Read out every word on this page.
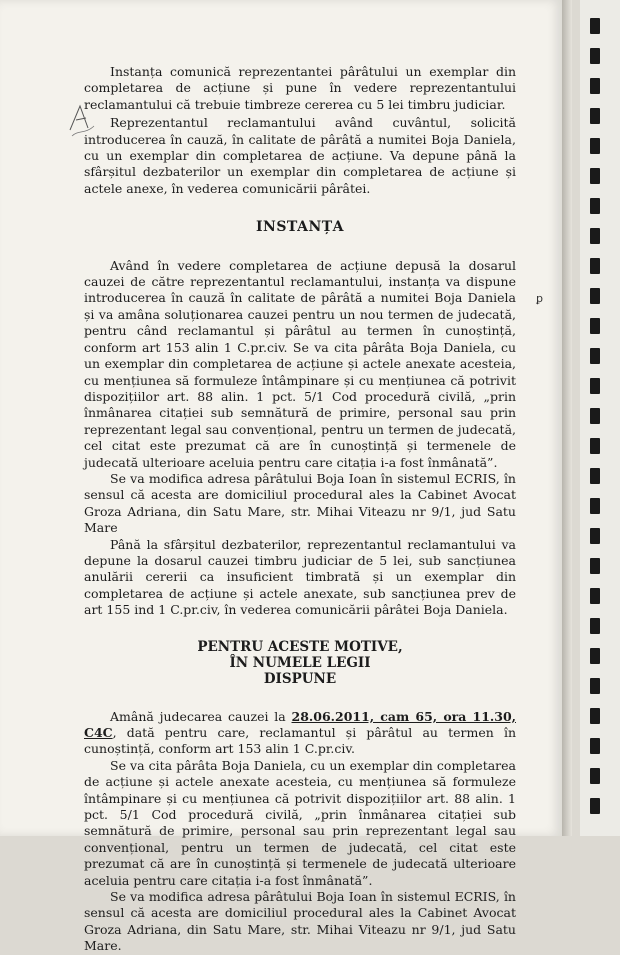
Instanța comunică reprezentantei pârâtului un exemplar din completarea de acțiune și pune în vedere reprezentantului reclamantului că trebuie timbreze cererea cu 5 lei timbru judiciar.

Reprezentantul reclamantului având cuvântul, solicită introducerea în cauză, în calitate de pârâtă a numitei Boja Daniela, cu un exemplar din completarea de acțiune. Va depune până la sfârșitul dezbaterilor un exemplar din completarea de acțiune și actele anexe, în vederea comunicării pârâtei.

INSTANȚA

Având în vedere completarea de acțiune depusă la dosarul cauzei de către reprezentantul reclamantului, instanța va dispune introducerea în cauză în calitate de pârâtă a numitei Boja Daniela și va amâna soluționarea cauzei pentru un nou termen de judecată, pentru când reclamantul și pârâtul au termen în cunoștință, conform art 153 alin 1 C.pr.civ. Se va cita pârâta Boja Daniela, cu un exemplar din completarea de acțiune și actele anexate acesteia, cu mențiunea să formuleze întâmpinare și cu mențiunea că potrivit dispozițiilor art. 88 alin. 1 pct. 5/1 Cod procedură civilă, „prin înmânarea citației sub semnătură de primire, personal sau prin reprezentant legal sau convențional, pentru un termen de judecată, cel citat este prezumat că are în cunoștință și termenele de judecată ulterioare aceluia pentru care citația i-a fost înmânată”.

Se va modifica adresa pârâtului Boja Ioan în sistemul ECRIS, în sensul că acesta are domiciliul procedural ales la Cabinet Avocat Groza Adriana, din Satu Mare, str. Mihai Viteazu nr 9/1, jud Satu Mare

Până la sfârșitul dezbaterilor, reprezentantul reclamantului va depune la dosarul cauzei timbru judiciar de 5 lei, sub sancțiunea anulării cererii ca insuficient timbrată și un exemplar din completarea de acțiune și actele anexate, sub sancțiunea prev de art 155 ind 1 C.pr.civ, în vederea comunicării pârâtei Boja Daniela.

PENTRU ACESTE MOTIVE,
ÎN NUMELE LEGII
DISPUNE

Amână judecarea cauzei la 28.06.2011, cam 65, ora 11.30, C4C, dată pentru care, reclamantul și pârâtul au termen în cunoștință, conform art 153 alin 1 C.pr.civ.

Se va cita pârâta Boja Daniela, cu un exemplar din completarea de acțiune și actele anexate acesteia, cu mențiunea să formuleze întâmpinare și cu mențiunea că potrivit dispozițiilor art. 88 alin. 1 pct. 5/1 Cod procedură civilă, „prin înmânarea citației sub semnătură de primire, personal sau prin reprezentant legal sau convențional, pentru un termen de judecată, cel citat este prezumat că are în cunoștință și termenele de judecată ulterioare aceluia pentru care citația i-a fost înmânată”.

Se va modifica adresa pârâtului Boja Ioan în sistemul ECRIS, în sensul că acesta are domiciliul procedural ales la Cabinet Avocat Groza Adriana, din Satu Mare, str. Mihai Viteazu nr 9/1, jud Satu Mare.

ꝑ
